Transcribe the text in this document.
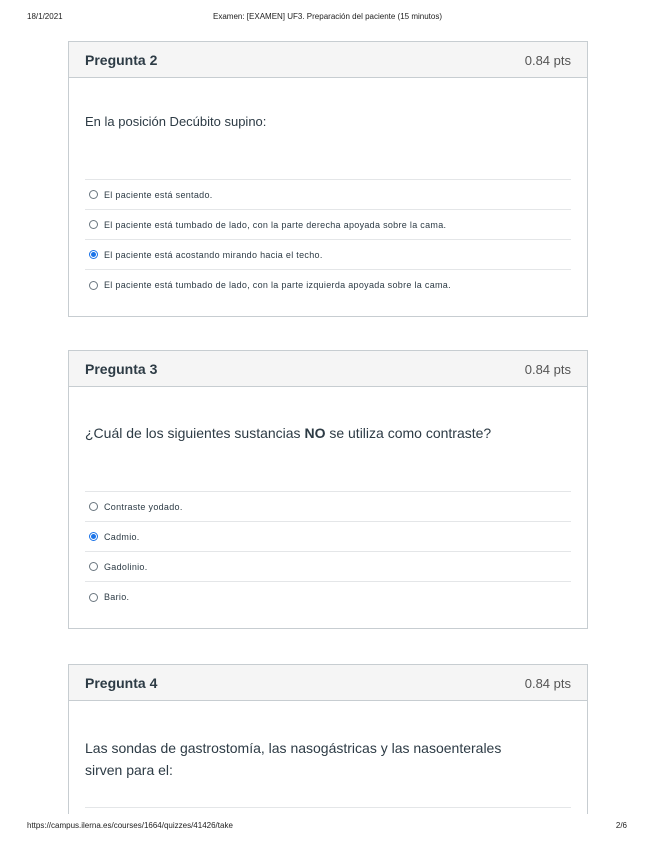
18/1/2021	Examen: [EXAMEN] UF3. Preparación del paciente (15 minutos)
Pregunta 2	0.84 pts
En la posición Decúbito supino:
El paciente está sentado.
El paciente está tumbado de lado, con la parte derecha apoyada sobre la cama.
El paciente está acostando mirando hacia el techo.
El paciente está tumbado de lado, con la parte izquierda apoyada sobre la cama.
Pregunta 3	0.84 pts
¿Cuál de los siguientes sustancias NO se utiliza como contraste?
Contraste yodado.
Cadmio.
Gadolinio.
Bario.
Pregunta 4	0.84 pts
Las sondas de gastrostomía, las nasogástricas y las nasoenterales sirven para el:
https://campus.ilerna.es/courses/1664/quizzes/41426/take	2/6
